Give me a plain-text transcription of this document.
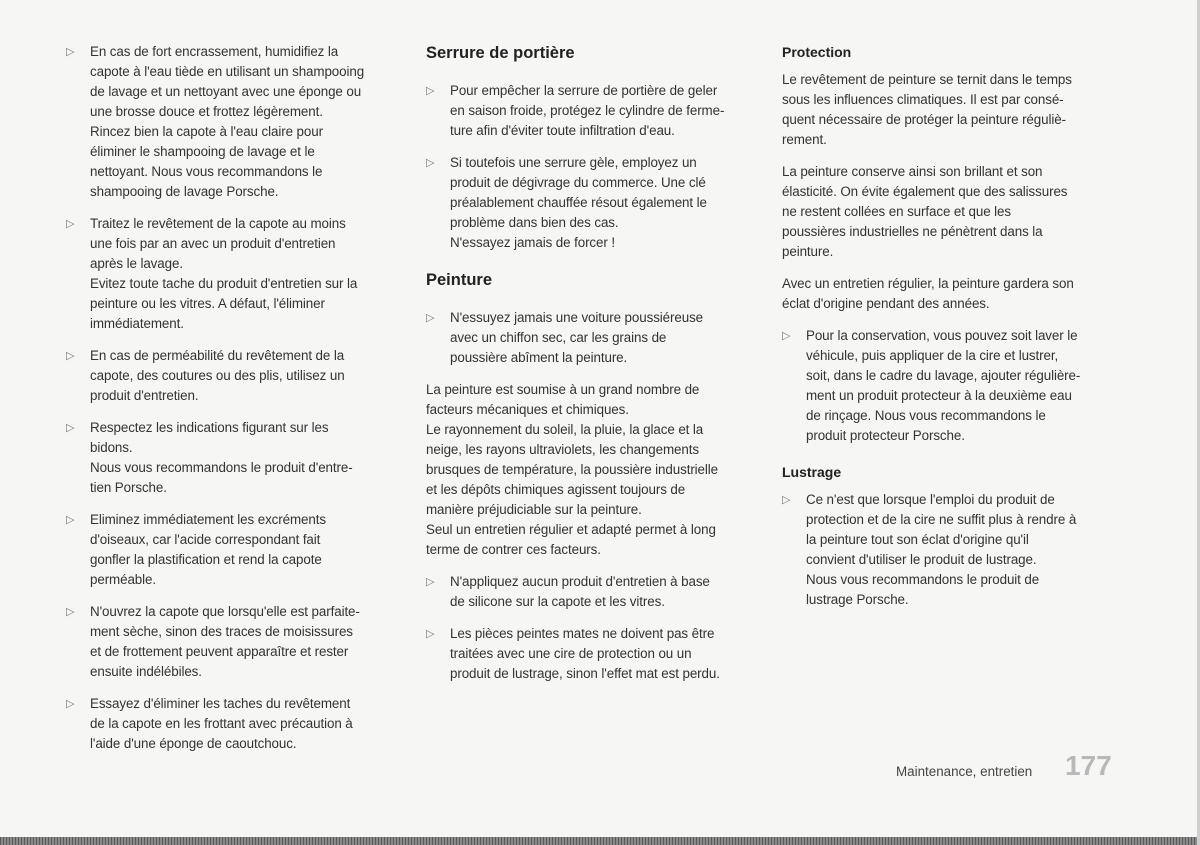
▷ En cas de fort encrassement, humidifiez la
capote à l'eau tiède en utilisant un shampooing
de lavage et un nettoyant avec une éponge ou
une brosse douce et frottez légèrement.
Rincez bien la capote à l'eau claire pour
éliminer le shampooing de lavage et le
nettoyant. Nous vous recommandons le
shampooing de lavage Porsche.
▷ Traitez le revêtement de la capote au moins
une fois par an avec un produit d'entretien
après le lavage.
Evitez toute tache du produit d'entretien sur la
peinture ou les vitres. A défaut, l'éliminer
immédiatement.
▷ En cas de perméabilité du revêtement de la
capote, des coutures ou des plis, utilisez un
produit d'entretien.
▷ Respectez les indications figurant sur les
bidons.
Nous vous recommandons le produit d'entre-
tien Porsche.
▷ Eliminez immédiatement les excréments
d'oiseaux, car l'acide correspondant fait
gonfler la plastification et rend la capote
perméable.
▷ N'ouvrez la capote que lorsqu'elle est parfaite-
ment sèche, sinon des traces de moisissures
et de frottement peuvent apparaître et rester
ensuite indélébiles.
▷ Essayez d'éliminer les taches du revêtement
de la capote en les frottant avec précaution à
l'aide d'une éponge de caoutchouc.
Serrure de portière
▷ Pour empêcher la serrure de portière de geler
en saison froide, protégez le cylindre de ferme-
ture afin d'éviter toute infiltration d'eau.
▷ Si toutefois une serrure gèle, employez un
produit de dégivrage du commerce. Une clé
préalablement chauffée résout également le
problème dans bien des cas.
N'essayez jamais de forcer !
Peinture
▷ N'essuyez jamais une voiture poussiéreuse
avec un chiffon sec, car les grains de
poussière abîment la peinture.
La peinture est soumise à un grand nombre de
facteurs mécaniques et chimiques.
Le rayonnement du soleil, la pluie, la glace et la
neige, les rayons ultraviolets, les changements
brusques de température, la poussière industrielle
et les dépôts chimiques agissent toujours de
manière préjudiciable sur la peinture.
Seul un entretien régulier et adapté permet à long
terme de contrer ces facteurs.
▷ N'appliquez aucun produit d'entretien à base
de silicone sur la capote et les vitres.
▷ Les pièces peintes mates ne doivent pas être
traitées avec une cire de protection ou un
produit de lustrage, sinon l'effet mat est perdu.
Protection
Le revêtement de peinture se ternit dans le temps
sous les influences climatiques. Il est par consé-
quent nécessaire de protéger la peinture réguliè-
rement.
La peinture conserve ainsi son brillant et son
élasticité. On évite également que des salissures
ne restent collées en surface et que les
poussières industrielles ne pénètrent dans la
peinture.
Avec un entretien régulier, la peinture gardera son
éclat d'origine pendant des années.
▷ Pour la conservation, vous pouvez soit laver le
véhicule, puis appliquer de la cire et lustrer,
soit, dans le cadre du lavage, ajouter régulière-
ment un produit protecteur à la deuxième eau
de rinçage. Nous vous recommandons le
produit protecteur Porsche.
Lustrage
▷ Ce n'est que lorsque l'emploi du produit de
protection et de la cire ne suffit plus à rendre à
la peinture tout son éclat d'origine qu'il
convient d'utiliser le produit de lustrage.
Nous vous recommandons le produit de
lustrage Porsche.
Maintenance, entretien 177
